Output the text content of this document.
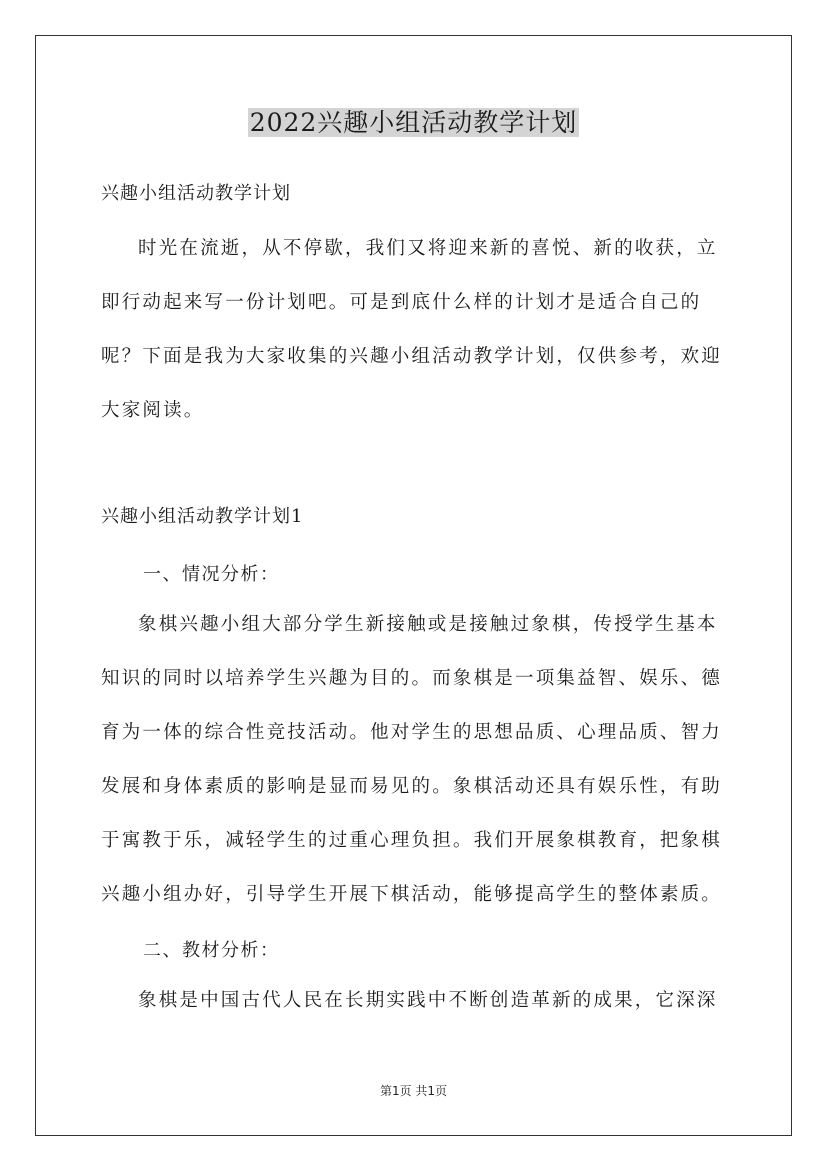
2022兴趣小组活动教学计划
兴趣小组活动教学计划

时光在流逝，从不停歇，我们又将迎来新的喜悦、新的收获，立即行动起来写一份计划吧。可是到底什么样的计划才是适合自己的呢？下面是我为大家收集的兴趣小组活动教学计划，仅供参考，欢迎大家阅读。

兴趣小组活动教学计划1
一、情况分析：

象棋兴趣小组大部分学生新接触或是接触过象棋，传授学生基本知识的同时以培养学生兴趣为目的。而象棋是一项集益智、娱乐、德育为一体的综合性竞技活动。他对学生的思想品质、心理品质、智力发展和身体素质的影响是显而易见的。象棋活动还具有娱乐性，有助于寓教于乐，减轻学生的过重心理负担。我们开展象棋教育，把象棋兴趣小组办好，引导学生开展下棋活动，能够提高学生的整体素质。

二、教材分析：

象棋是中国古代人民在长期实践中不断创造革新的成果，它深深

第1页 共1页
